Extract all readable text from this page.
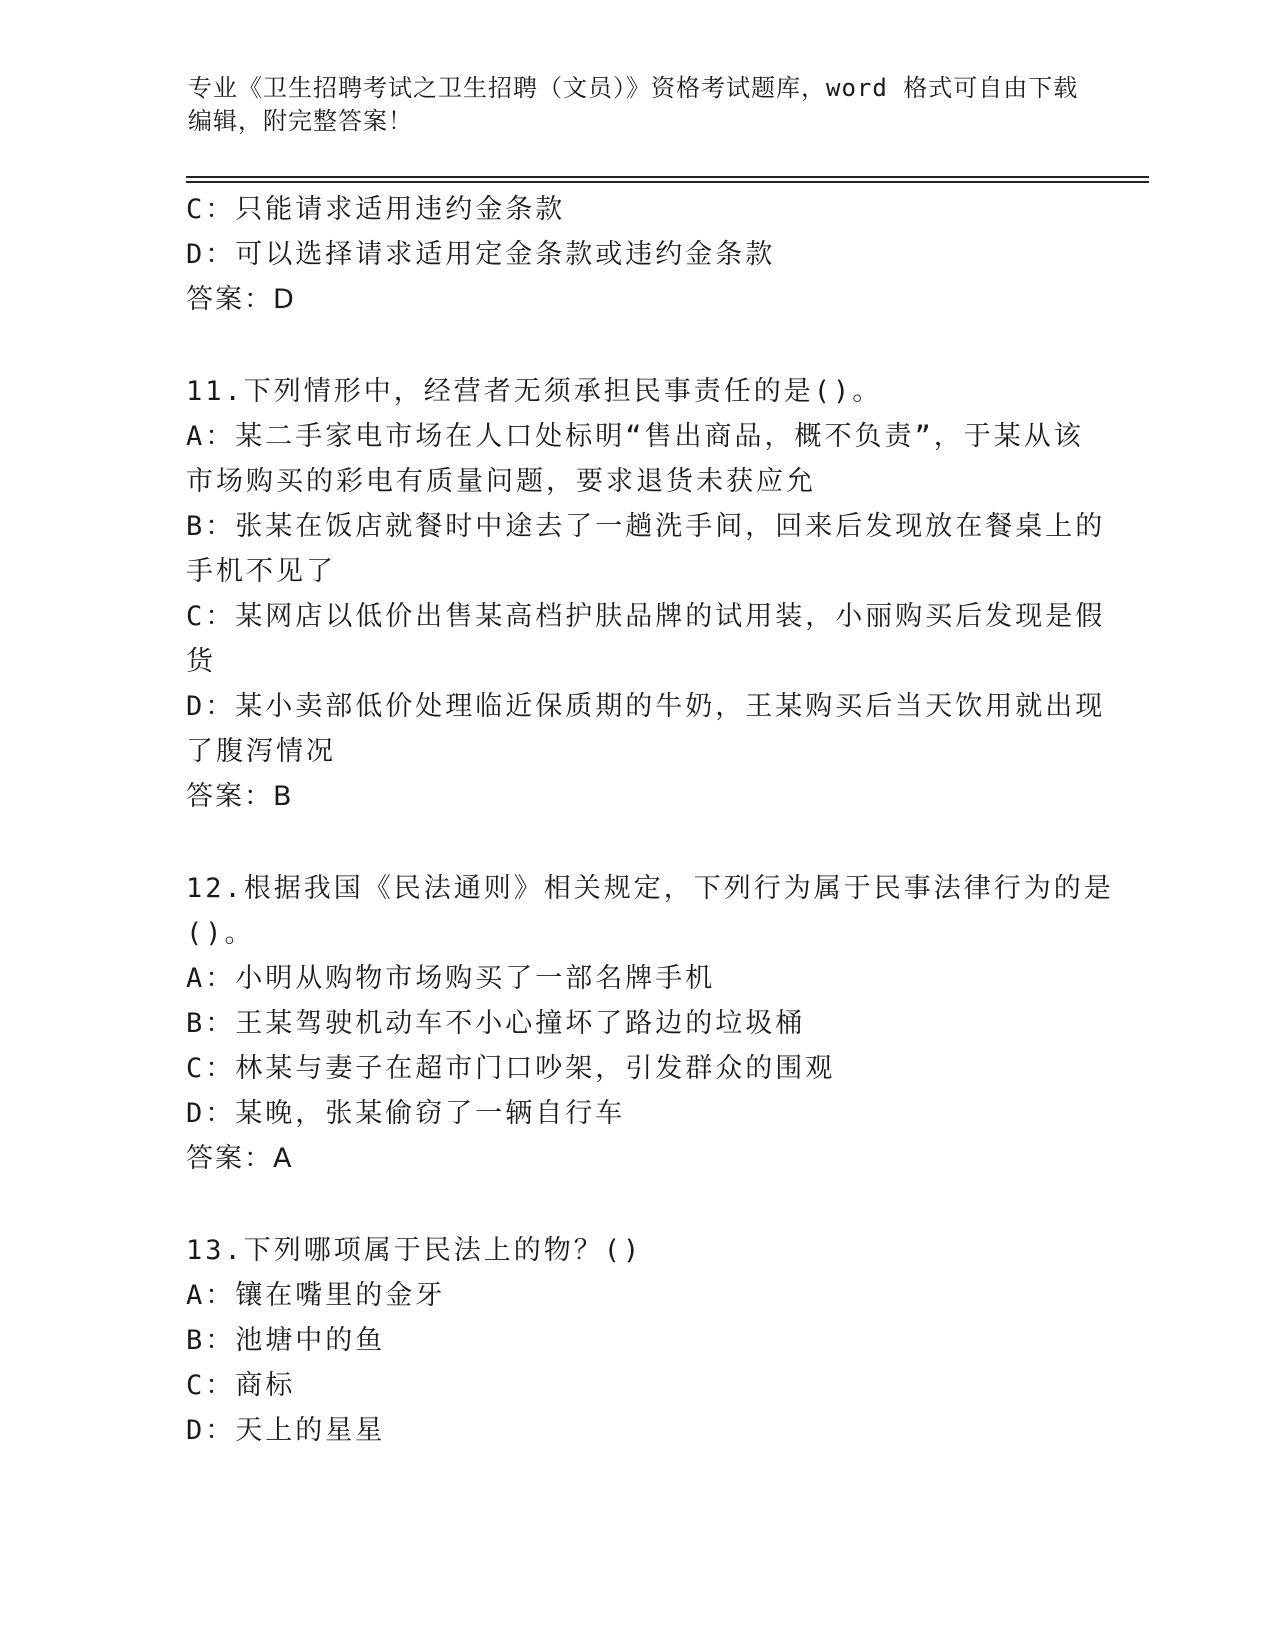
专业《卫生招聘考试之卫生招聘（文员）》资格考试题库，word 格式可自由下载
编辑，附完整答案！
C：只能请求适用违约金条款
D：可以选择请求适用定金条款或违约金条款
答案：D
11.下列情形中，经营者无须承担民事责任的是()。
A：某二手家电市场在人口处标明“售出商品，概不负责”，于某从该
市场购买的彩电有质量问题，要求退货未获应允
B：张某在饭店就餐时中途去了一趟洗手间，回来后发现放在餐桌上的
手机不见了
C：某网店以低价出售某高档护肤品牌的试用装，小丽购买后发现是假
货
D：某小卖部低价处理临近保质期的牛奶，王某购买后当天饮用就出现
了腹泻情况
答案：B
12.根据我国《民法通则》相关规定，下列行为属于民事法律行为的是
()。
A：小明从购物市场购买了一部名牌手机
B：王某驾驶机动车不小心撞坏了路边的垃圾桶
C：林某与妻子在超市门口吵架，引发群众的围观
D：某晚，张某偷窃了一辆自行车
答案：A
13.下列哪项属于民法上的物？()
A：镶在嘴里的金牙
B：池塘中的鱼
C：商标
D：天上的星星
